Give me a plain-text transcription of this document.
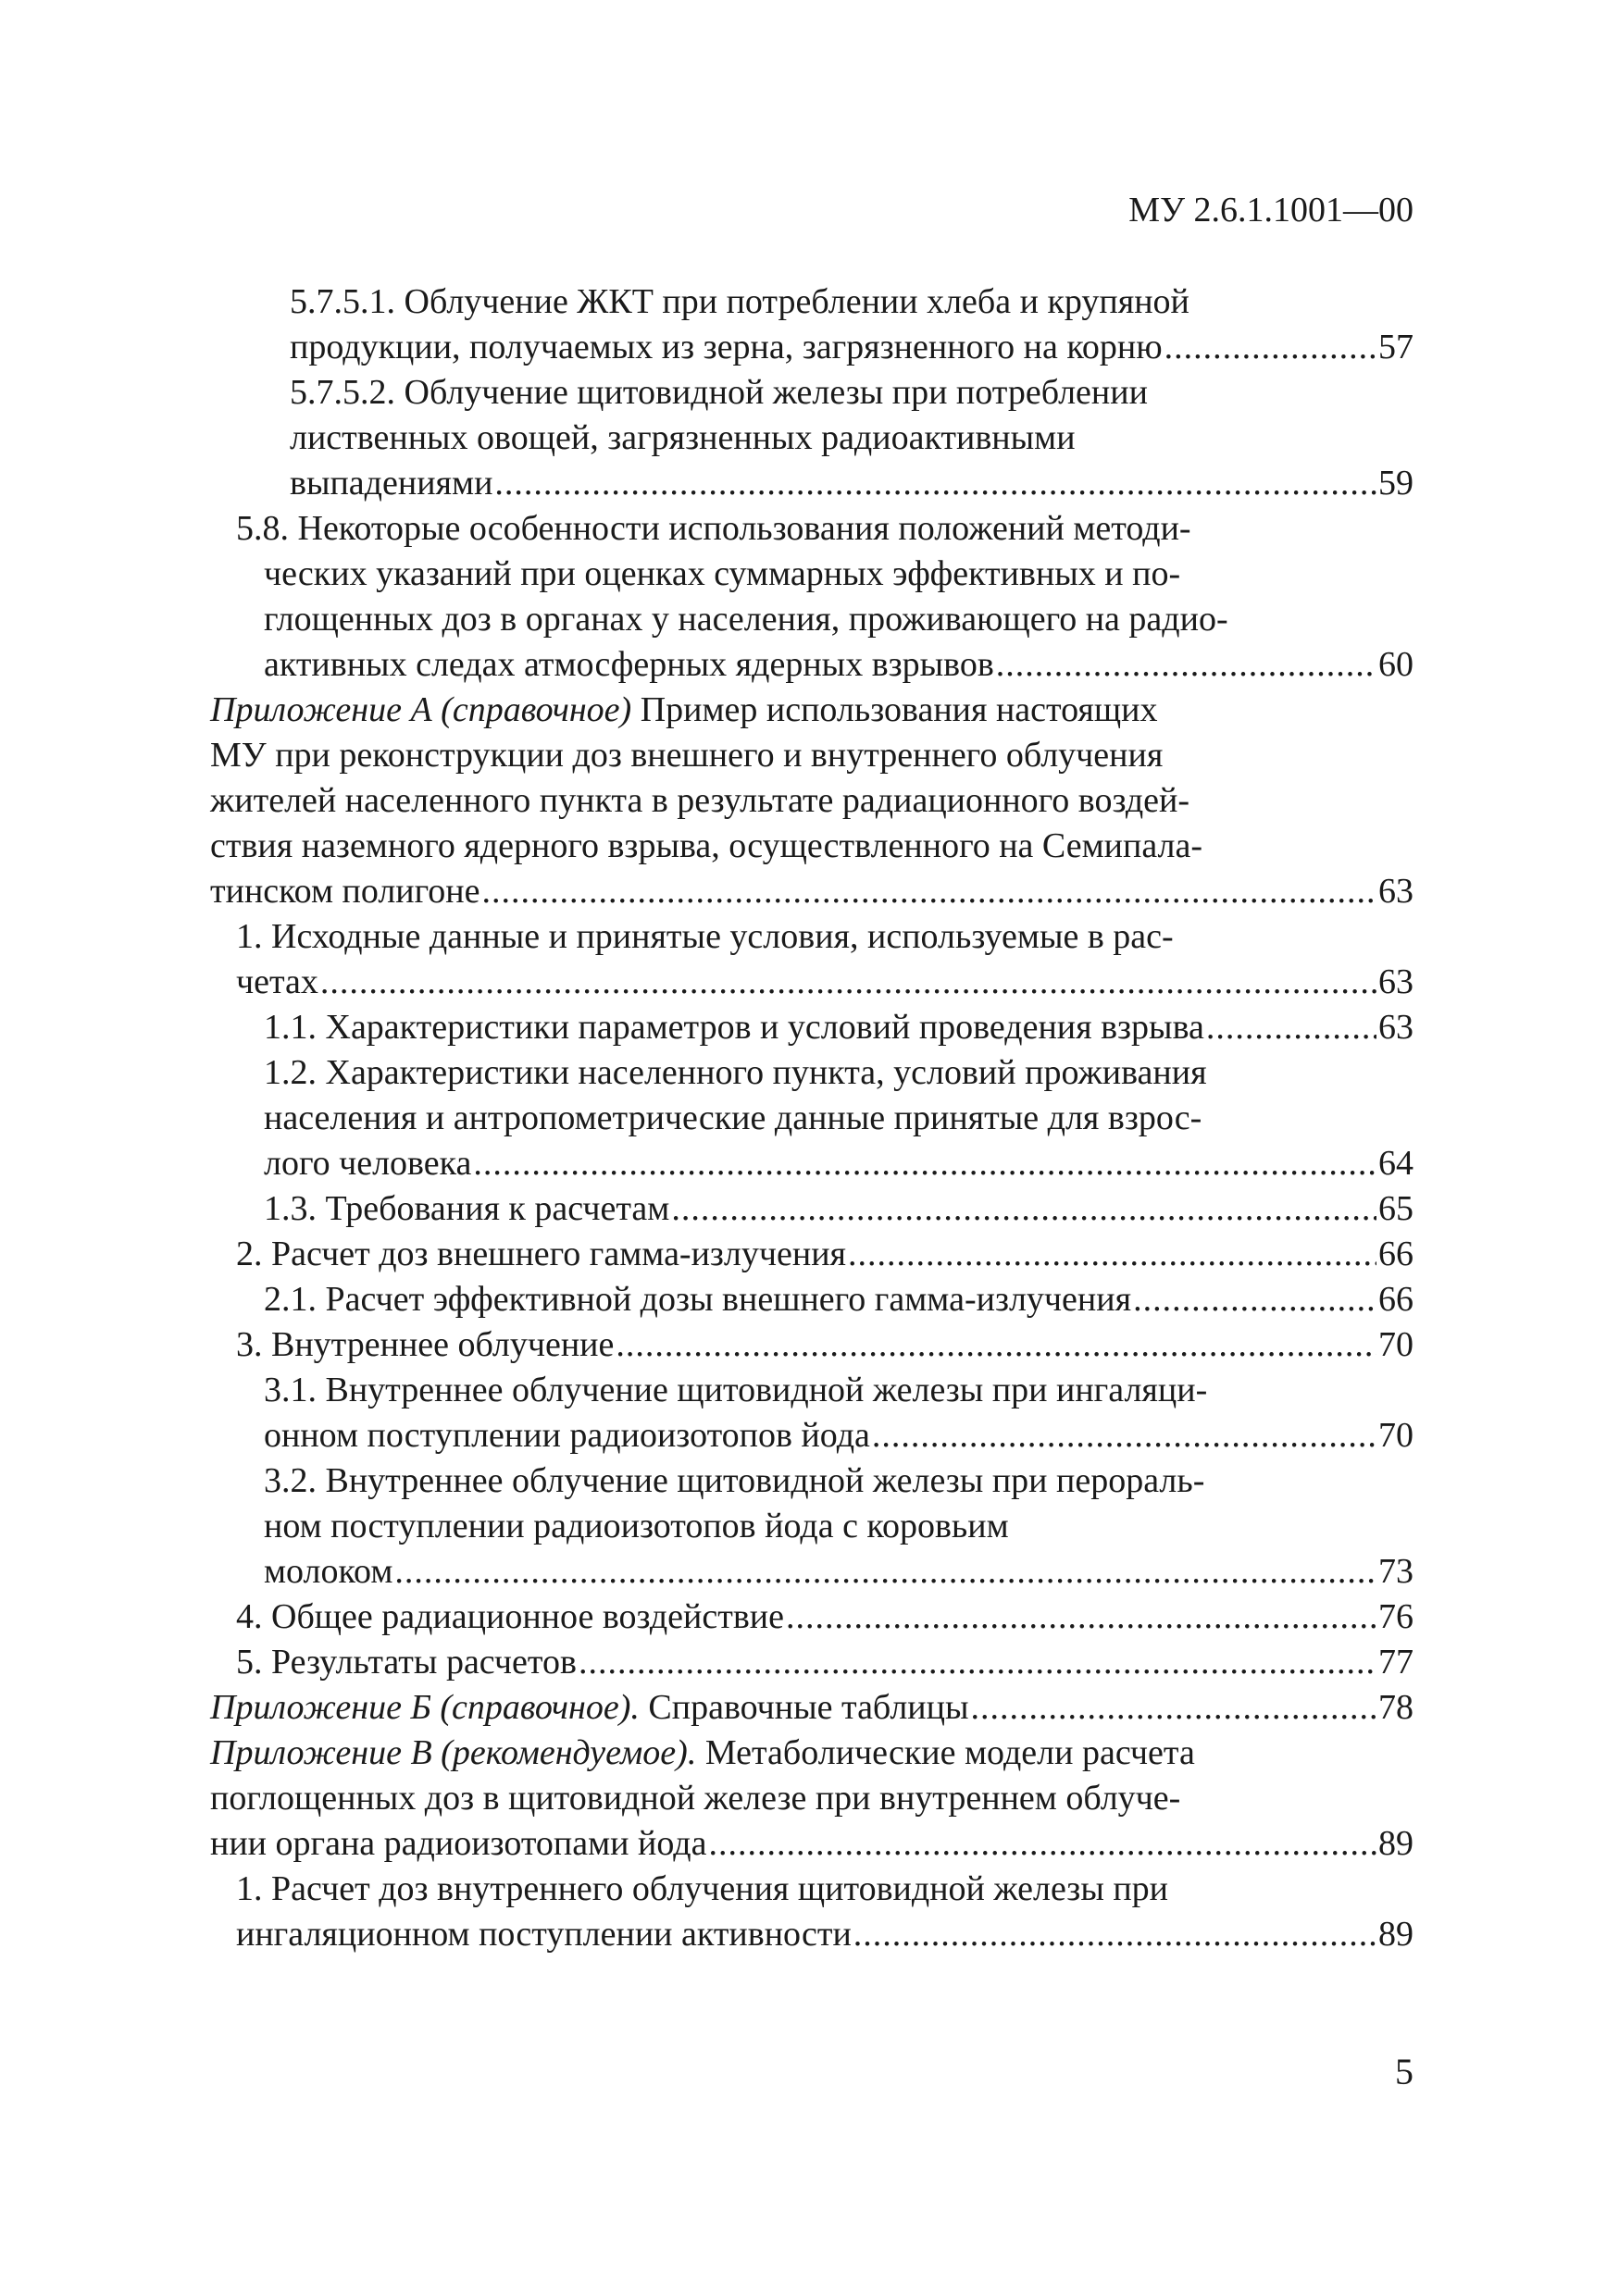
МУ 2.6.1.1001—00
5.7.5.1. Облучение ЖКТ при потреблении хлеба и крупяной
продукции, получаемых из зерна, загрязненного на корню .....	57
5.7.5.2. Облучение щитовидной железы при потреблении
лиственных овощей, загрязненных радиоактивными
выпадениями .....	59
5.8. Некоторые особенности использования положений методи-
ческих указаний при оценках суммарных эффективных и по-
глощенных доз в органах у населения, проживающего на радио-
активных следах атмосферных ядерных взрывов .....	60
Приложение А (справочное) Пример использования настоящих
МУ при реконструкции доз внешнего и внутреннего облучения
жителей населенного пункта в результате радиационного воздей-
ствия наземного ядерного взрыва, осуществленного на Семипала-
тинском полигоне .....	63
1. Исходные данные и принятые условия, используемые в рас-
четах .....	63
1.1. Характеристики параметров и условий проведения взрыва .....	63
1.2. Характеристики населенного пункта, условий проживания
населения и антропометрические данные принятые для взрос-
лого человека .....	64
1.3. Требования к расчетам .....	65
2. Расчет доз внешнего гамма-излучения .....	66
2.1. Расчет эффективной дозы внешнего гамма-излучения .....	66
3. Внутреннее облучение .....	70
3.1. Внутреннее облучение щитовидной железы при ингаляци-
онном поступлении радиоизотопов йода .....	70
3.2. Внутреннее облучение щитовидной железы при перораль-
ном поступлении радиоизотопов йода с коровьим
молоком .....	73
4. Общее радиационное воздействие .....	76
5. Результаты расчетов .....	77
Приложение Б (справочное). Справочные таблицы .....	78
Приложение В (рекомендуемое). Метаболические модели расчета
поглощенных доз в щитовидной железе при внутреннем облуче-
нии органа радиоизотопами йода .....	89
1. Расчет доз внутреннего облучения щитовидной железы при
ингаляционном поступлении активности .....	89
5
